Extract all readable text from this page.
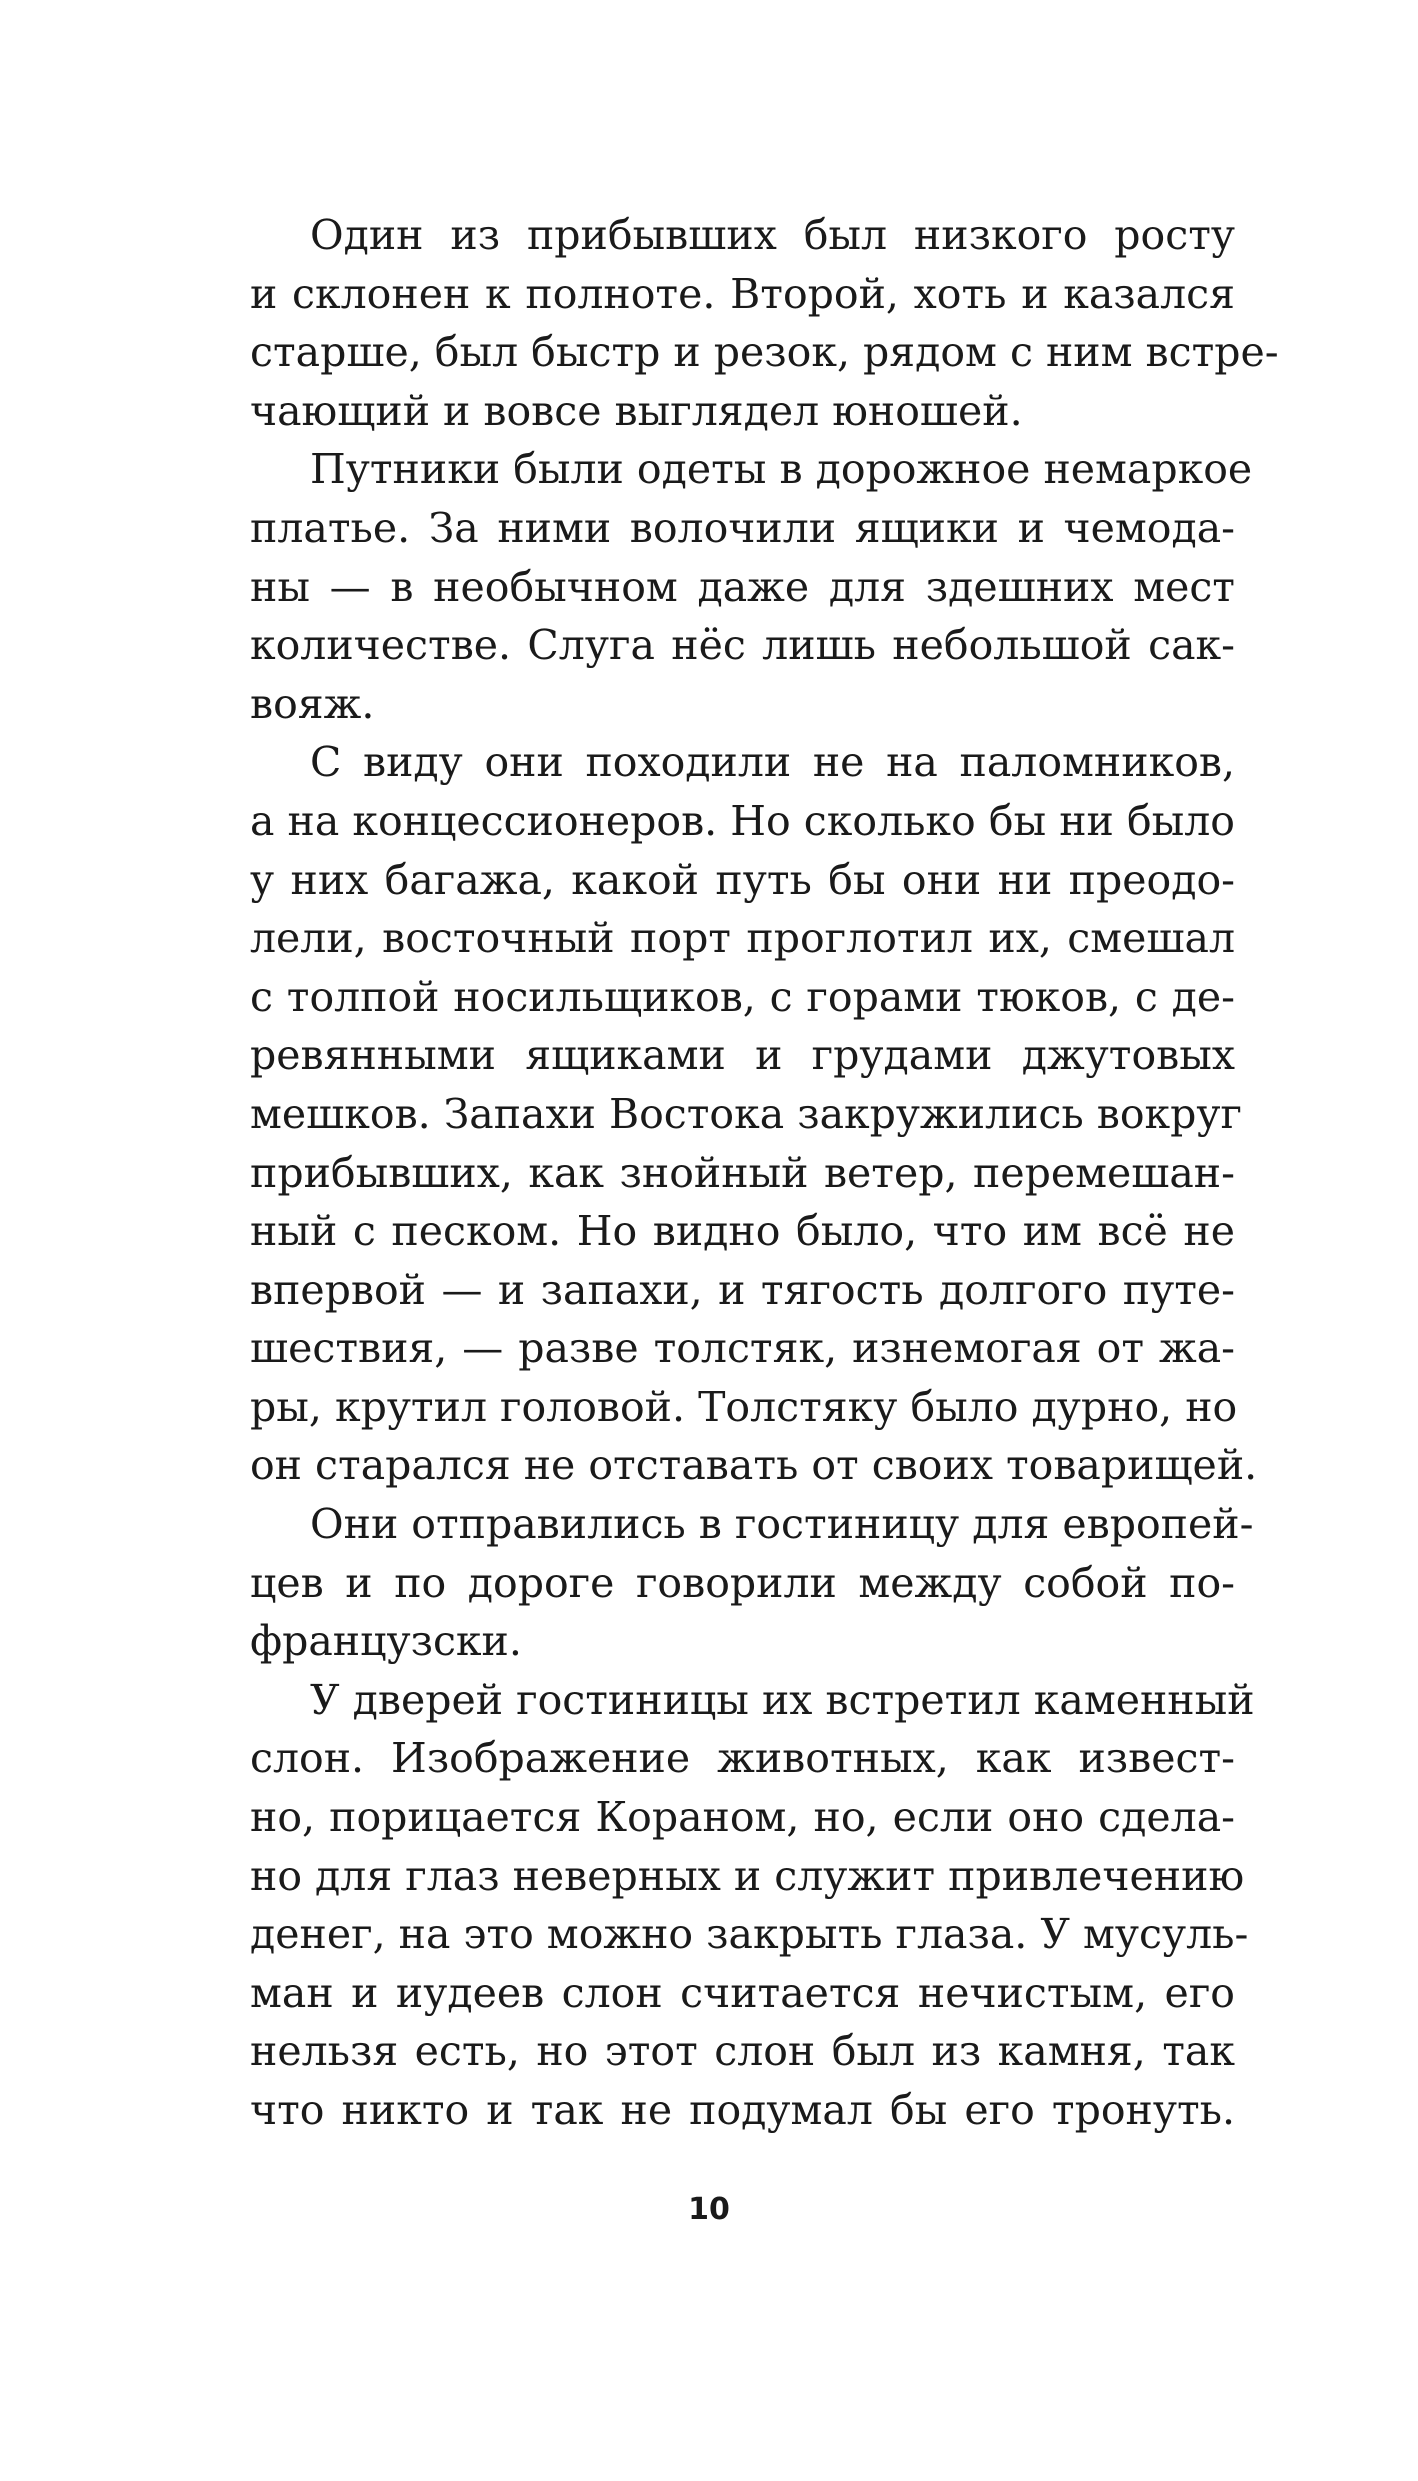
Один из прибывших был низкого росту
и склонен к полноте. Второй, хоть и казался
старше, был быстр и резок, рядом с ним встре-
чающий и вовсе выглядел юношей.

Путники были одеты в дорожное немаркое
платье. За ними волочили ящики и чемода-
ны — в необычном даже для здешних мест
количестве. Слуга нёс лишь небольшой сак-
вояж.

С виду они походили не на паломников,
а на концессионеров. Но сколько бы ни было
у них багажа, какой путь бы они ни преодо-
лели, восточный порт проглотил их, смешал
с толпой носильщиков, с горами тюков, с де-
ревянными ящиками и грудами джутовых
мешков. Запахи Востока закружились вокруг
прибывших, как знойный ветер, перемешан-
ный с песком. Но видно было, что им всё не
впервой — и запахи, и тягость долгого путе-
шествия, — разве толстяк, изнемогая от жа-
ры, крутил головой. Толстяку было дурно, но
он старался не отставать от своих товарищей.

Они отправились в гостиницу для европей-
цев и по дороге говорили между собой по-
французски.

У дверей гостиницы их встретил каменный
слон. Изображение животных, как извест-
но, порицается Кораном, но, если оно сдела-
но для глаз неверных и служит привлечению
денег, на это можно закрыть глаза. У мусуль-
ман и иудеев слон считается нечистым, его
нельзя есть, но этот слон был из камня, так
что никто и так не подумал бы его тронуть.

10
